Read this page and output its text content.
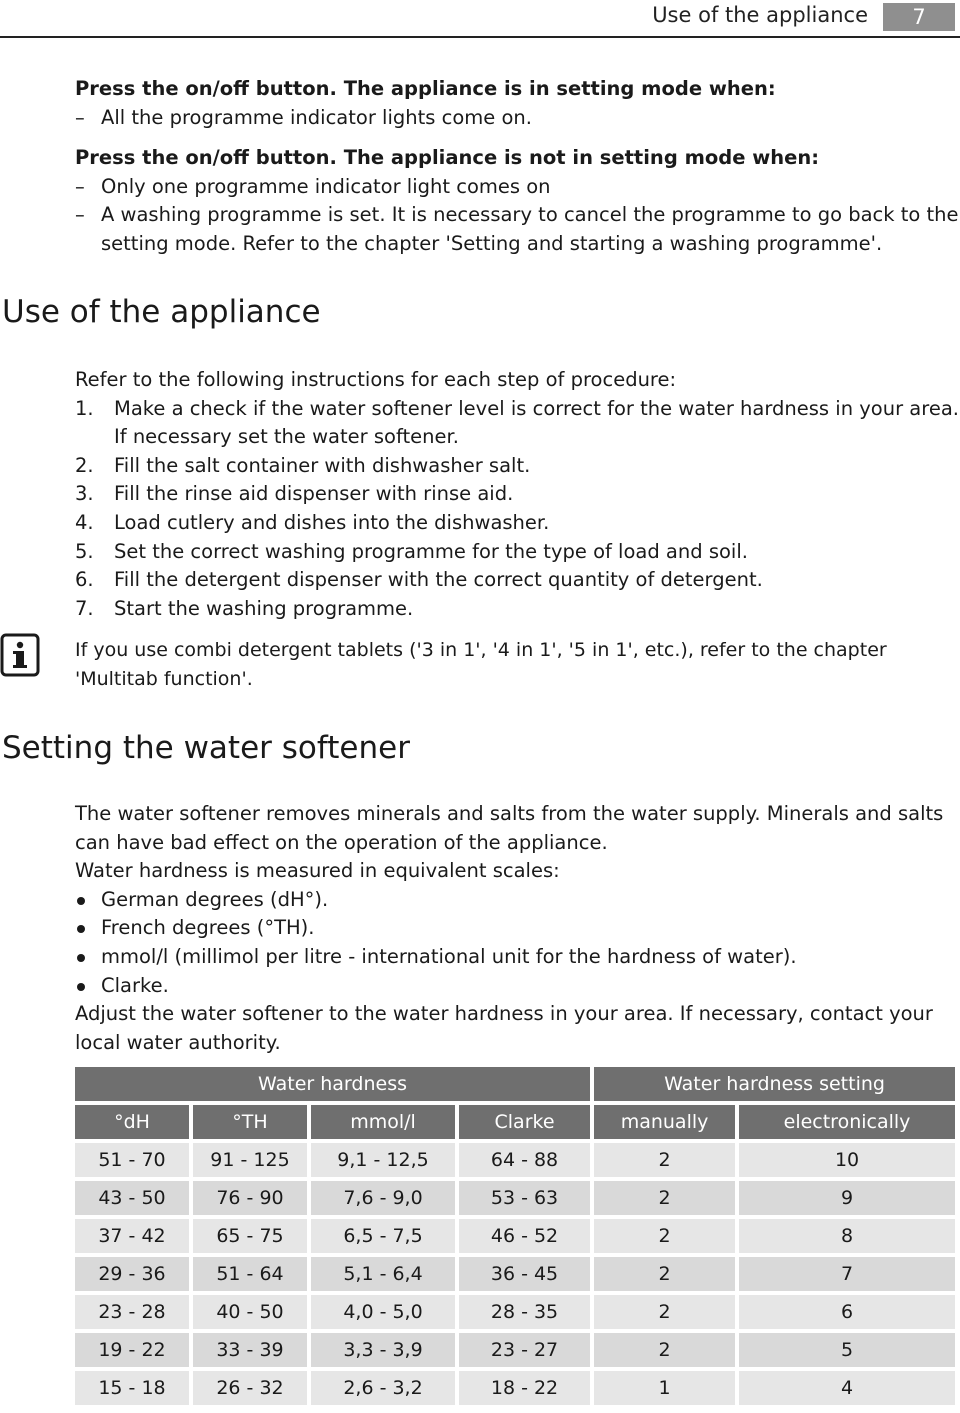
Use of the appliance	7
Press the on/off button. The appliance is in setting mode when:
– All the programme indicator lights come on.
Press the on/off button. The appliance is not in setting mode when:
– Only one programme indicator light comes on
– A washing programme is set. It is necessary to cancel the programme to go back to the setting mode. Refer to the chapter 'Setting and starting a washing programme'.
Use of the appliance
Refer to the following instructions for each step of procedure:
1. Make a check if the water softener level is correct for the water hardness in your area. If necessary set the water softener.
2. Fill the salt container with dishwasher salt.
3. Fill the rinse aid dispenser with rinse aid.
4. Load cutlery and dishes into the dishwasher.
5. Set the correct washing programme for the type of load and soil.
6. Fill the detergent dispenser with the correct quantity of detergent.
7. Start the washing programme.
If you use combi detergent tablets ('3 in 1', '4 in 1', '5 in 1', etc.), refer to the chapter 'Multitab function'.
Setting the water softener
The water softener removes minerals and salts from the water supply. Minerals and salts can have bad effect on the operation of the appliance.
Water hardness is measured in equivalent scales:
German degrees (dH°).
French degrees (°TH).
mmol/l (millimol per litre - international unit for the hardness of water).
Clarke.
Adjust the water softener to the water hardness in your area. If necessary, contact your local water authority.
Water hardness				Water hardness setting	
°dH	°TH	mmol/l	Clarke	manually	electronically
51 - 70	91 - 125	9,1 - 12,5	64 - 88	2	10
43 - 50	76 - 90	7,6 - 9,0	53 - 63	2	9
37 - 42	65 - 75	6,5 - 7,5	46 - 52	2	8
29 - 36	51 - 64	5,1 - 6,4	36 - 45	2	7
23 - 28	40 - 50	4,0 - 5,0	28 - 35	2	6
19 - 22	33 - 39	3,3 - 3,9	23 - 27	2	5
15 - 18	26 - 32	2,6 - 3,2	18 - 22	1	4
